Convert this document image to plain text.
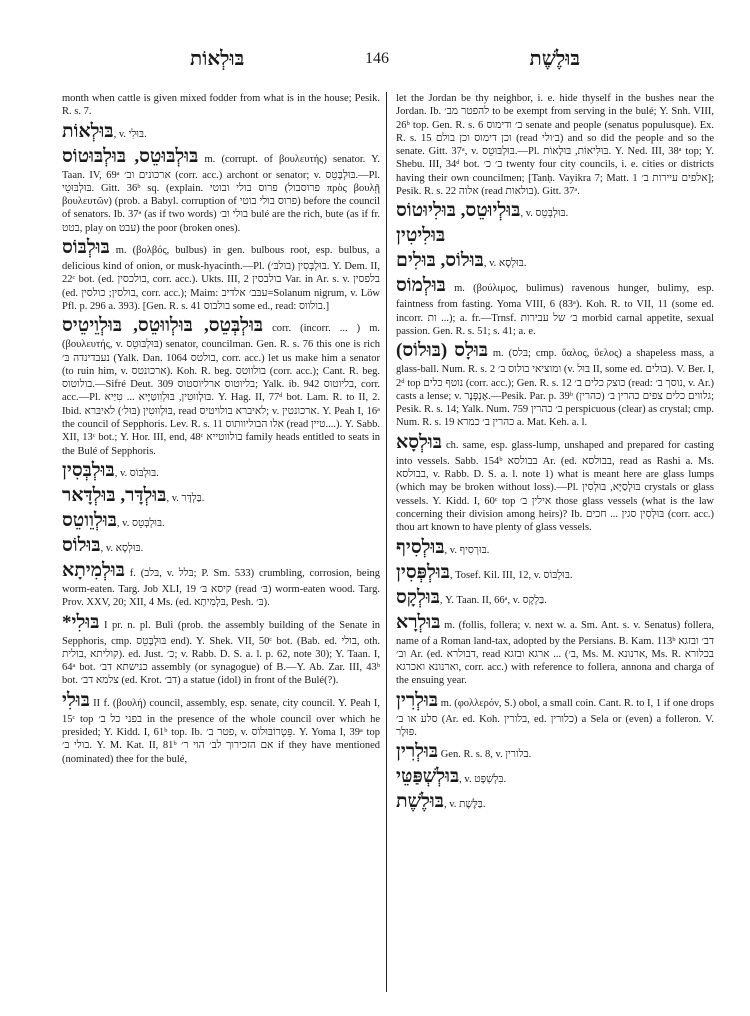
בּוּלְאוֹת	146	בּוּלֶשֶׁת

month when cattle is given mixed fodder from what is in the house; Pesik. R. s. 7.

בּוּלְאוֹת, v. בּוּלִי.

בּוּלְבּוּטֵס, בּוּלְבּוּטוֹס m. (corrupt. of βουλευτής) senator. Y. Taan. IV, 69ᵃ ארכונים וב׳ (corr. acc.) archont or senator; v. בּוּלְבָּטֵס.—Pl. בּוּלְבּוּטֵי. Gitt. 36ᵇ sq. (explain. פרוס בולי ובוטי (פרוסבול πρὸς βουλῇ βουλευτῶν) (prob. a Babyl. corruption of פרוס בולי בוטי) before the council of senators. Ib. 37ᵃ (as if two words) בולי וב׳ bulé are the rich, bute (as if fr. בטט, play on עבט) the poor (broken ones).

בּוּלְבּוֹס m. (βολβός, bulbus) in gen. bulbous root, esp. bulbus, a delicious kind of onion, or musk-hyacinth.—Pl. בּוּלְבְּסִין (בולבּ׳). Y. Dem. II, 22ᶜ bot. (ed. בולכסין, corr. acc.). Ukts. III, 2 בולבסין Var. in Ar. s. v. בלפסין (ed. בולסין; כולסין, corr. acc.); Maim: עבּב׳ אלדיב=Solanum nigrum, v. Löw Pfl. p. 296 a. 393). [Gen. R. s. 41 בולבוס some ed., read: בולווס.]

בּוּלְבְּטֵס, בּוּלְווּטֵס, בּוּלְוֵיטֵיס corr. (incorr. ... ) m. (βουλευτής, v. בּוּלְבּוּטֵס) senator, councilman. Gen. R. s. 76 this one is rich נעבדינדה בּ׳ (Yalk. Dan. 1064 בולטס, corr. acc.) let us make him a senator (to ruin him, v. ארכונטס). Koh. R. beg. בולווטס (corr. acc.); Cant. R. beg. בולוטוס.—Sifré Deut. 309 בליוטוס ארליוסטוס; Yalk. ib. 942 בליוטוס, corr. acc.—Pl. בּוּלְווּטִין, בּוּלְוִוטַּיָּיא ... טִיַּיא. Y. Hag. II, 77ᵈ bot. Lam. R. to II, 2. Ibid. בּוּלְווּטִין (בּוּל׳) לאיבּרא, read לאיברא בולויטיס; v. ארכונטין. Y. Peah I, 16ᵃ the council of Sepphoris. Lev. R. s. 11 אלו הבוליוותוס (read טיין....). Y. Sabb. XII, 13ᶜ bot.; Y. Hor. III, end, 48ᶜ בולווטייא family heads entitled to seats in the Bulé of Sepphoris.

בּוּלְבְּסִין, v. בּוּלְבּוֹס.

בּוּלְדָּר, בּוּלְדָּאר, v. בַּלְדָּר.

בּוּלְוֵוטֵס, v. בּוּלְבְּטֵס.

בּוּלוֹס, v. בּוּלְסָא.

בּוּלְמִיתָא f. (בּלב, v. בּלל; P. Sm. 533) crumbling, corrosion, being worm-eaten. Targ. Job XLI, 19 קיסא בּ׳ (read בּ׳) worm-eaten wood. Targ. Prov. XXV, 20; XII, 4 Ms. (ed. בּלְמִיתָא, Pesh. בּ׳).

*בּוּלִי I pr. n. pl. Buli (prob. the assembly building of the Senate in Sepphoris, cmp. בּוּלְבָּטֵס end). Y. Shek. VII, 50ᶜ bot. (Bab. ed. בולי, oth. קוליתא ,בולית). ed. Just. כ׳; v. Rabb. D. S. a. l. p. 62, note 30); Y. Taan. I, 64ᵃ bot. כנישתא דב׳ assembly (or synagogue) of B.—Y. Ab. Zar. III, 43ᵇ bot. צלמא דב׳ (ed. Krot. דב׳) a statue (idol) in front of the Bulé(?).

בּוּלִי II f. (βουλή) council, assembly, esp. senate, city council. Y. Peah I, 15ᶜ top בפני כל ב׳ in the presence of the whole council over which he presided; Y. Kidd. I, 61ᵇ top. Ib. פטר ב׳, v. פֵּטְרוֹבּוּלוֹס. Y. Yoma I, 39ᵃ top בולי ב׳. Y. M. Kat. II, 81ᵇ אם הזכירוך לב׳ הוי ר׳ if they have mentioned (nominated) thee for the bulé,

let the Jordan be thy neighbor, i. e. hide thyself in the bushes near the Jordan. Ib. להפטר מב׳ to be exempt from serving in the bulé; Y. Snh. VIII, 26ᵇ top. Gen. R. s. 6 ב׳ ודימוס senate and people (senatus populusque). Ex. R. s. 15 וכן דימוס וכן בולם (read ב׳ולי) and so did the people and so the senate. Gitt. 37ᵃ, v. בּוּלְבּוּטֵס.—Pl. בּוּלִיאוֹת, בּוּלָאוֹת. Y. Ned. III, 38ᵃ top; Y. Shebu. III, 34ᵈ bot. ב׳ כ׳ twenty four city councils, i. e. cities or districts having their own councilmen; [Tanḥ. Vayikra 7; Matt. 1 אלפים עיירות ב׳]; Pesik. R. s. 22 אלוה (read בולאות). Gitt. 37ᵃ.

בּוּלְיוּטֵס, בּוּלִיוּטוֹס, v. בּוּלְבְּטֵס.

בּוּלִיטִין

בּוּלוֹס, בּוּלִים, v. בּוּלְסָא.

בּוּלְמוֹס m. (βούλιμος, bulimus) ravenous hunger, bulimy, esp. faintness from fasting. Yoma VIII, 6 (83ᵃ). Koh. R. to VII, 11 (some ed. incorr. ות ...); a. fr.—Trnsf. ב׳ של עבירות morbid carnal appetite, sexual passion. Gen. R. s. 51; s. 41; a. e.

בּוּלָס (בּוּלוֹס) m. (בּלס; cmp. ὕαλος, ὕελος) a shapeless mass, a glass-ball. Num. R. s. 2 ומוציאי בולוס ב׳ (v. בּוּל II, some ed. בולים). V. Ber. I, 2ᵈ top נוטף כלים (corr. acc.); Gen. R. s. 12 כוצק כלים ב׳ (read: נוסך ב׳, v. Ar.) casts a lense; v. אֶנְפְּנֶר.—Pesik. Par. p. 39ᵇ גלווים כלים צפים כהרין ב׳ (כהרין); Pesik. R. s. 14; Yalk. Num. 759 ב׳ כהרין perspicuous (clear) as crystal; cmp. Num. R. s. 19 כהרין ב׳ כמרא a. Mat. Keh. a. l.

בּוּלְסָא ch. same, esp. glass-lump, unshaped and prepared for casting into vessels. Sabb. 154ᵇ בבולסא Ar. (ed. בבולסא, read as Rashi a. Ms. בבולסא, v. Rabb. D. S. a. l. note 1) what is meant here are glass lumps (which may be broken without loss).—Pl. בּוּלְסַיָּא, בּוּלְסִין crystals or glass vessels. Y. Kidd. I, 60ᶜ top אילין ב׳ those glass vessels (what is the law concerning their division among heirs)? Ib. בּוּלְסִין סגין ... חכים (corr. acc.) thou art known to have plenty of glass vessels.

בּוּלְסִיף, v. בּוּרְסִיף.

בּוּלְפְּסִין, Tosef. Kil. III, 12, v. בּוּלְבּוֹס.

בּוּלְקָס, Y. Taan. II, 66ᵃ, v. בַּלְקָס.

בּוּלְרָא m. (follis, follera; v. next w. a. Sm. Ant. s. v. Senatus) follera, name of a Roman land-tax, adopted by the Persians. B. Kam. 113ᵇ דב׳ ובזגא וב׳ Ar. (ed. דבולרא, read ארגא ובזגא ... (ב׳, Ms. M. ארנונא, Ms. R. בכלורא וארנונא ואכרגא, corr. acc.) with reference to follera, annona and charga of the ensuing year.

בּוּלְרִין m. (φολλερόν, S.) obol, a small coin. Cant. R. to I, 1 if one drops סלע או ב׳ (Ar. ed. Koh. בלורין, ed. כלורין) a Sela or (even) a folleron. V. פּוּלָר.

בּוּלְרִין Gen. R. s. 8, v. בלורין.

בּוּלְשְׁפַּטֵּי, v. בִּלְשְׁפָּט.

בּוּלֶשֶׁת, v. בַּלֶּשֶׁת.
